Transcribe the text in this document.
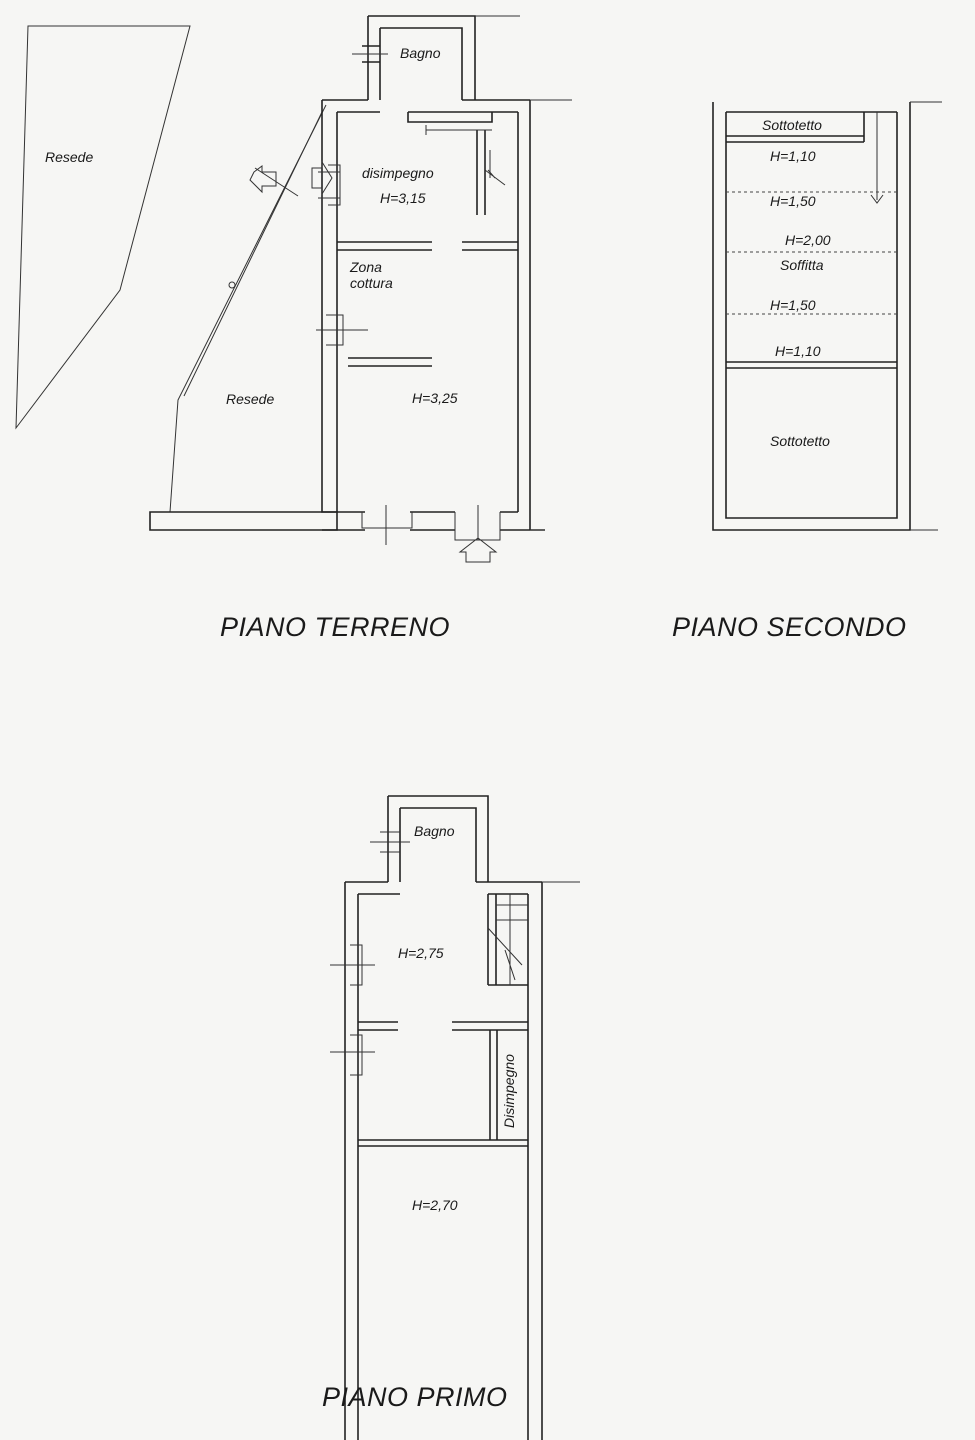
Resede
Resede
Bagno
disimpegno
H=3,15
Zona
cottura
H=3,25
PIANO TERRENO
Sottotetto
H=1,10
H=1,50
H=2,00
Soffitta
H=1,50
H=1,10
Sottotetto
PIANO SECONDO
Bagno
H=2,75
Disimpegno
H=2,70
PIANO PRIMO
